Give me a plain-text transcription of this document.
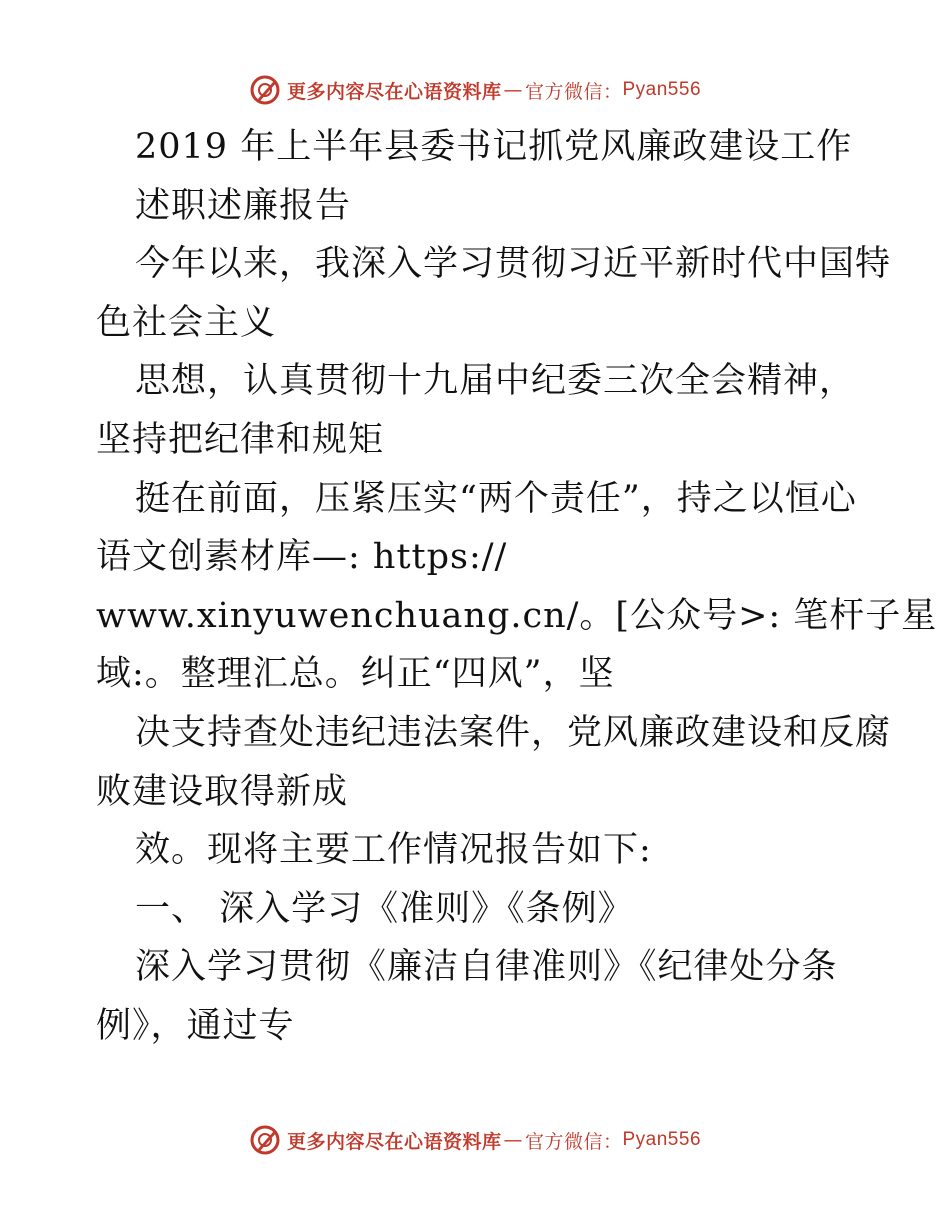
更多内容尽在心语资料库 — 官方微信： Pyan556
2019 年上半年县委书记抓党风廉政建设工作
述职述廉报告
今年以来，我深入学习贯彻习近平新时代中国特
色社会主义
思想，认真贯彻十九届中纪委三次全会精神，
坚持把纪律和规矩
挺在前面，压紧压实“两个责任”，持之以恒心
语文创素材库—: https://
www.xinyuwenchuang.cn/。[公众号>: 笔杆子星
域:。整理汇总。纠正“四风”，坚
决支持查处违纪违法案件，党风廉政建设和反腐
败建设取得新成
效。现将主要工作情况报告如下:
一、 深入学习《准则》《条例》
深入学习贯彻《廉洁自律准则》《纪律处分条
例》，通过专
更多内容尽在心语资料库 — 官方微信： Pyan556
